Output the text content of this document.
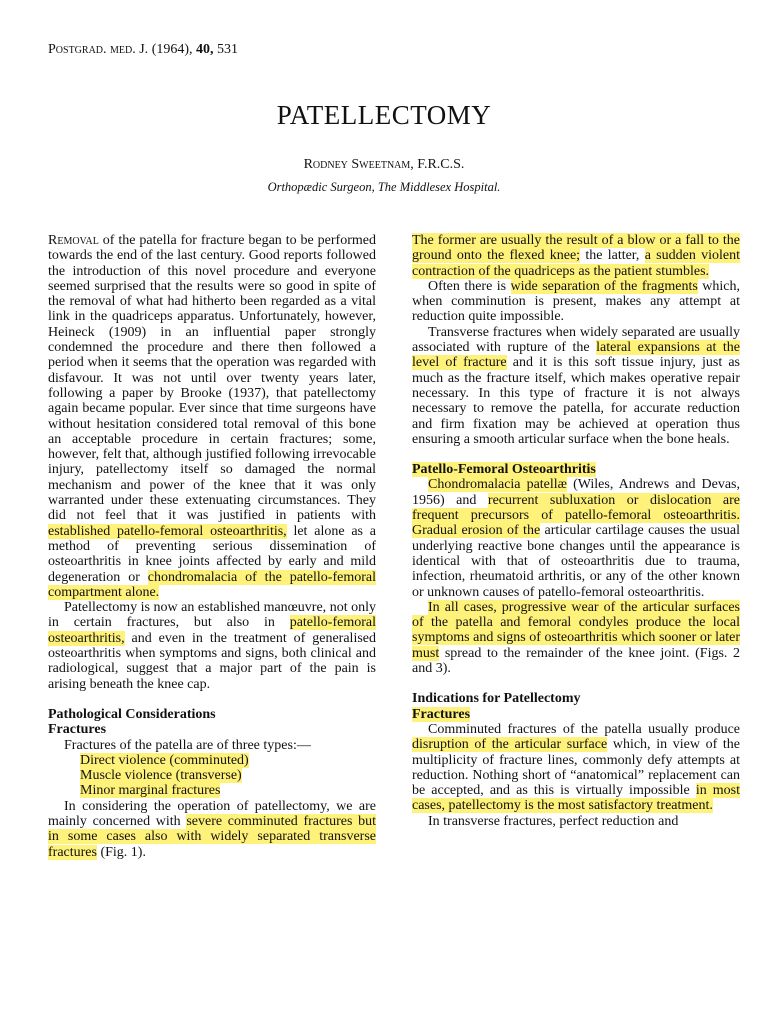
Postgrad. med. J. (1964), 40, 531
PATELLECTOMY
Rodney Sweetnam, F.R.C.S.
Orthopædic Surgeon, The Middlesex Hospital.

Removal of the patella for fracture began to be performed towards the end of the last century. Good reports followed the introduction of this novel procedure and everyone seemed surprised that the results were so good in spite of the removal of what had hitherto been regarded as a vital link in the quadriceps apparatus. Unfortunately, however, Heineck (1909) in an influential paper strongly condemned the procedure and there then followed a period when it seems that the operation was regarded with disfavour. It was not until over twenty years later, following a paper by Brooke (1937), that patellectomy again became popular. Ever since that time surgeons have without hesitation considered total removal of this bone an acceptable procedure in certain fractures; some, however, felt that, although justified following irrevocable injury, patellectomy itself so damaged the normal mechanism and power of the knee that it was only warranted under these extenuating circumstances. They did not feel that it was justified in patients with established patello-femoral osteoarthritis, let alone as a method of preventing serious dissemination of osteoarthritis in knee joints affected by early and mild degeneration or chondromalacia of the patello-femoral compartment alone.

Patellectomy is now an established manœuvre, not only in certain fractures, but also in patello-femoral osteoarthritis, and even in the treatment of generalised osteoarthritis when symptoms and signs, both clinical and radiological, suggest that a major part of the pain is arising beneath the knee cap.

Pathological Considerations
Fractures

Fractures of the patella are of three types:—

Direct violence (comminuted)
Muscle violence (transverse)
Minor marginal fractures

In considering the operation of patellectomy, we are mainly concerned with severe comminuted fractures but in some cases also with widely separated transverse fractures (Fig. 1).

The former are usually the result of a blow or a fall to the ground onto the flexed knee; the latter, a sudden violent contraction of the quadriceps as the patient stumbles.

Often there is wide separation of the fragments which, when comminution is present, makes any attempt at reduction quite impossible.

Transverse fractures when widely separated are usually associated with rupture of the lateral expansions at the level of fracture and it is this soft tissue injury, just as much as the fracture itself, which makes operative repair necessary. In this type of fracture it is not always necessary to remove the patella, for accurate reduction and firm fixation may be achieved at operation thus ensuring a smooth articular surface when the bone heals.

Patello-Femoral Osteoarthritis

Chondromalacia patellæ (Wiles, Andrews and Devas, 1956) and recurrent subluxation or dislocation are frequent precursors of patello-femoral osteoarthritis. Gradual erosion of the articular cartilage causes the usual underlying reactive bone changes until the appearance is identical with that of osteoarthritis due to trauma, infection, rheumatoid arthritis, or any of the other known or unknown causes of patello-femoral osteoarthritis.

In all cases, progressive wear of the articular surfaces of the patella and femoral condyles produce the local symptoms and signs of osteoarthritis which sooner or later must spread to the remainder of the knee joint. (Figs. 2 and 3).

Indications for Patellectomy
Fractures

Comminuted fractures of the patella usually produce disruption of the articular surface which, in view of the multiplicity of fracture lines, commonly defy attempts at reduction. Nothing short of “anatomical” replacement can be accepted, and as this is virtually impossible in most cases, patellectomy is the most satisfactory treatment.

In transverse fractures, perfect reduction and
